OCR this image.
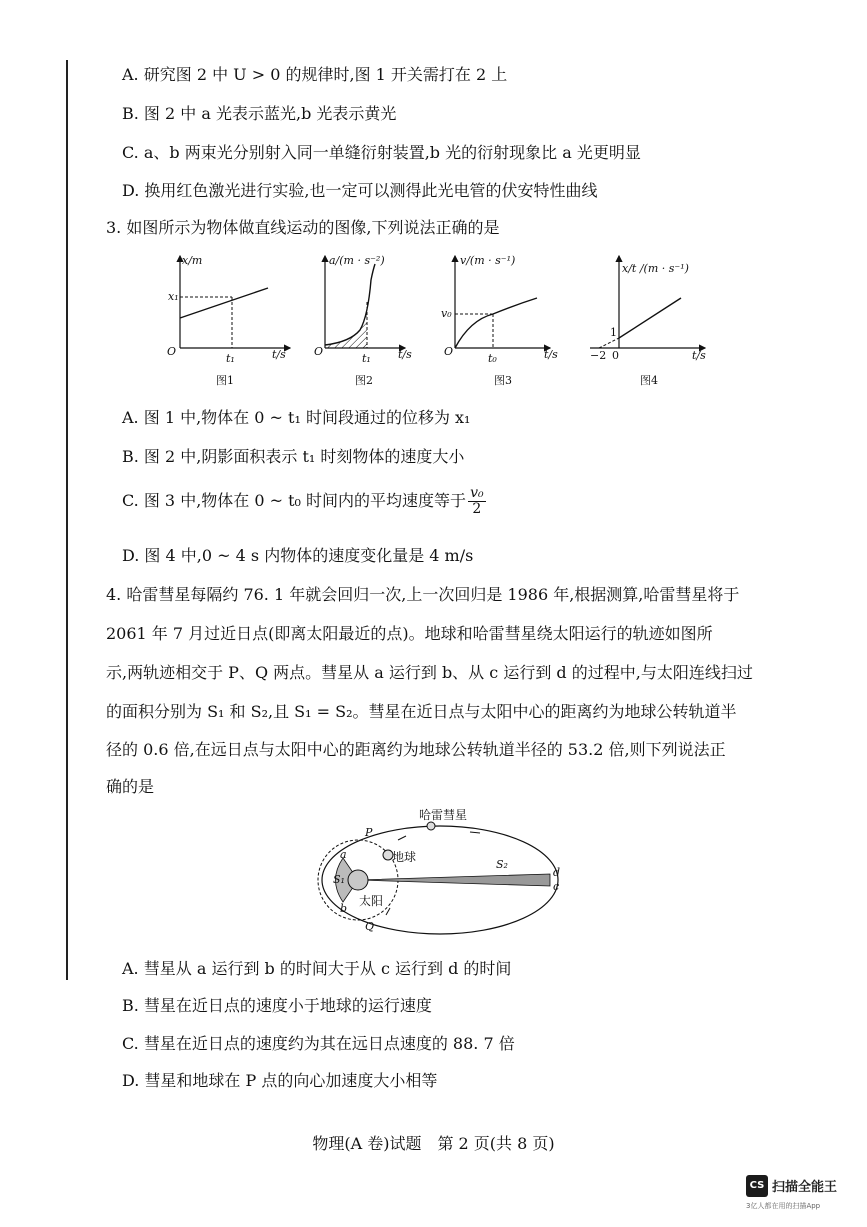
A. 研究图 2 中 U > 0 的规律时,图 1 开关需打在 2 上
B. 图 2 中 a 光表示蓝光,b 光表示黄光
C. a、b 两束光分别射入同一单缝衍射装置,b 光的衍射现象比 a 光更明显
D. 换用红色激光进行实验,也一定可以测得此光电管的伏安特性曲线
3. 如图所示为物体做直线运动的图像,下列说法正确的是
x/m
x₁
O
t₁	t/s
图1
a/(m · s⁻²)
O
t₁ t/s
图2
v/(m · s⁻¹)
v₀
O
t₀	t/s
图3
x/t /(m · s⁻¹)
1
−2 0	t/s
图4
A. 图 1 中,物体在 0 ~ t₁ 时间段通过的位移为 x₁
B. 图 2 中,阴影面积表示 t₁ 时刻物体的速度大小
C. 图 3 中,物体在 0 ~ t₀ 时间内的平均速度等于 $\frac{\text{v₀}}{2}$
D. 图 4 中,0 ~ 4 s 内物体的速度变化量是 4 m/s
4. 哈雷彗星每隔约 76. 1 年就会回归一次,上一次回归是 1986 年,根据测算,哈雷彗星将于
2061 年 7 月过近日点(即离太阳最近的点)。地球和哈雷彗星绕太阳运行的轨迹如图所
示,两轨迹相交于 P、Q 两点。彗星从 a 运行到 b、从 c 运行到 d 的过程中,与太阳连线扫过
的面积分别为 S₁ 和 S₂,且 S₁ = S₂。彗星在近日点与太阳中心的距离约为地球公转轨道半
径的 0.6 倍,在远日点与太阳中心的距离约为地球公转轨道半径的 53.2 倍,则下列说法正
确的是
哈雷彗星
地球
太阳
P
Q
a
b
c
d
S₁
S₂
A. 彗星从 a 运行到 b 的时间大于从 c 运行到 d 的时间
B. 彗星在近日点的速度小于地球的运行速度
C. 彗星在近日点的速度约为其在远日点速度的 88. 7 倍
D. 彗星和地球在 P 点的向心加速度大小相等
物理(A 卷)试题　第 2 页(共 8 页)
CS 扫描全能王
3亿人都在用的扫描App
